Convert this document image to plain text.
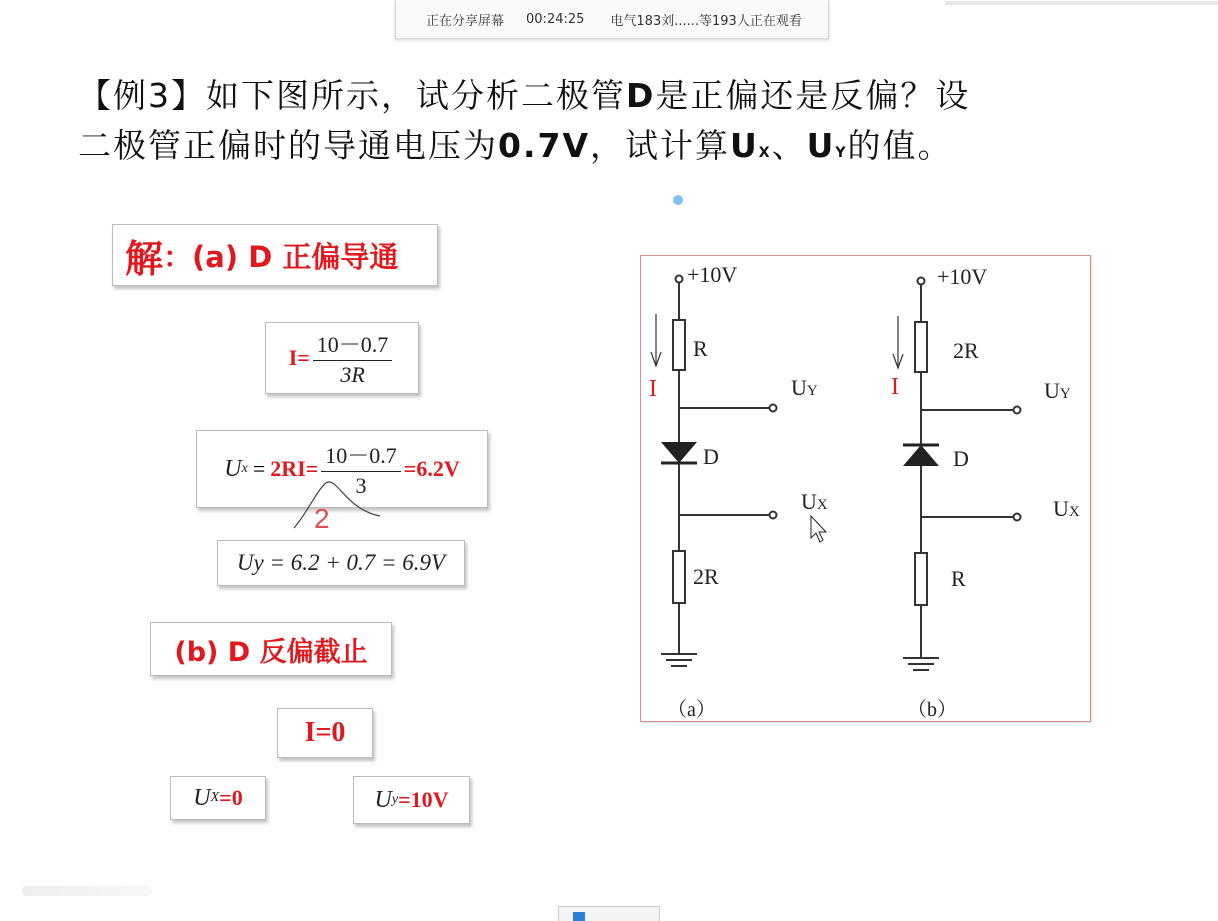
正在分享屏幕 00:24:25 电气183刘......等193人正在观看
【例3】如下图所示，试分析二极管D是正偏还是反偏？设
二极管正偏时的导通电压为0.7V，试计算UX、UY的值。
解 ：(a) D 正偏导通
$I= \frac{10-0.7}{3R}$
U $x = 2RI= \frac{10-0.7}{3} =6.2V$
2
Uy = 6.2 + 0.7 = 6.9V
(b) D 反偏截止
I=0
U X =0	U y =10V
+10V
R
I	UY
D
UX
2R
（a）
+10V
2R
I	UY
D
UX
R
（b）
